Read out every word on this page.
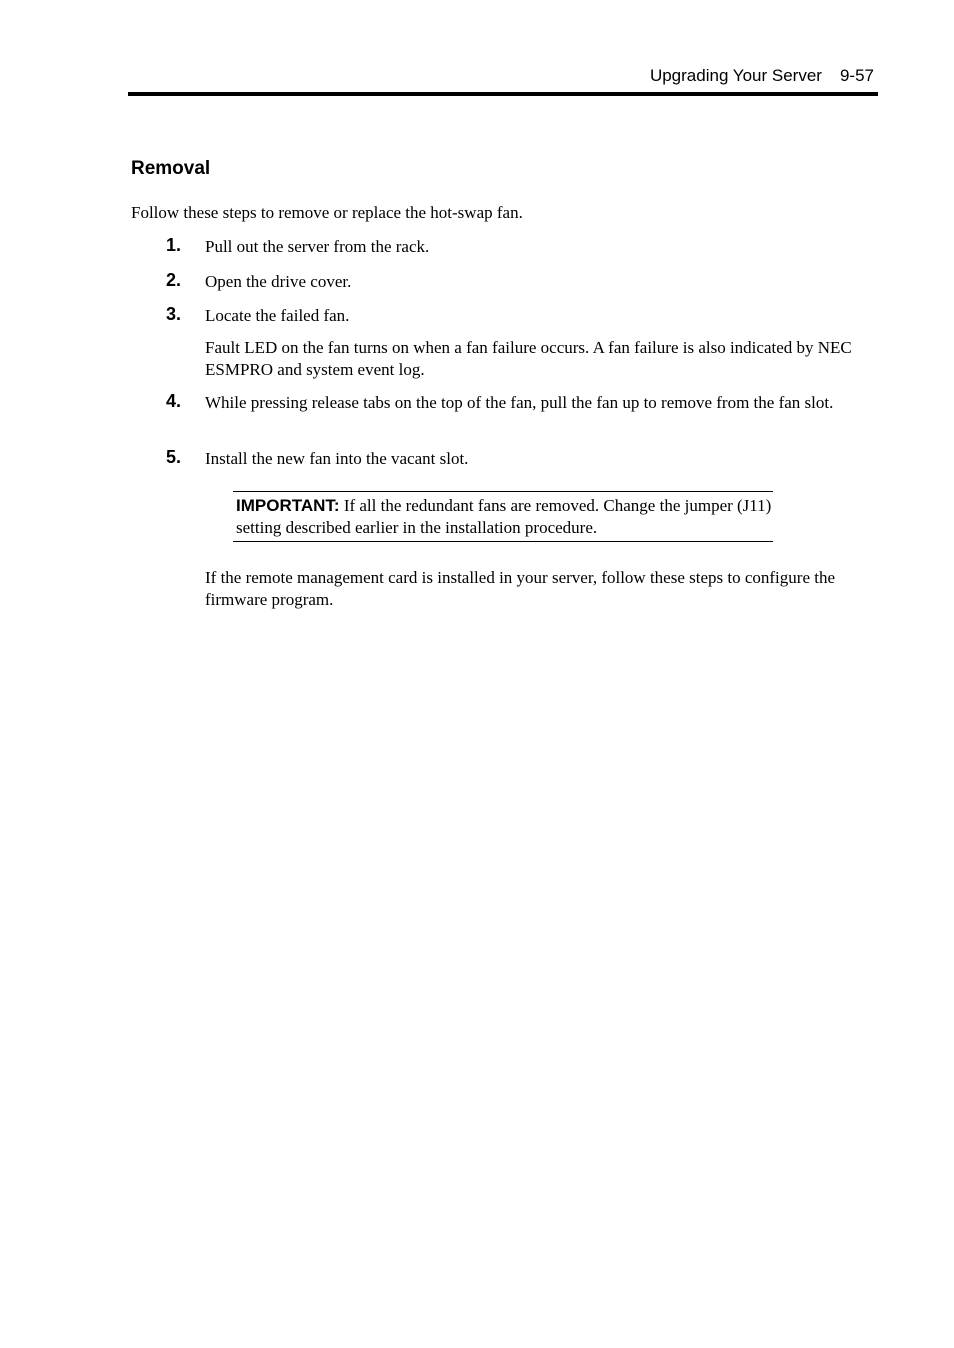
Upgrading Your Server 9-57
Removal

Follow these steps to remove or replace the hot-swap fan.

1. Pull out the server from the rack.

2. Open the drive cover.

3. Locate the failed fan.

Fault LED on the fan turns on when a fan failure occurs. A fan failure is also indicated by NEC ESMPRO and system event log.

4. While pressing release tabs on the top of the fan, pull the fan up to remove from the fan slot.

5. Install the new fan into the vacant slot.

IMPORTANT: If all the redundant fans are removed. Change the jumper (J11) setting described earlier in the installation procedure.

If the remote management card is installed in your server, follow these steps to configure the firmware program.
